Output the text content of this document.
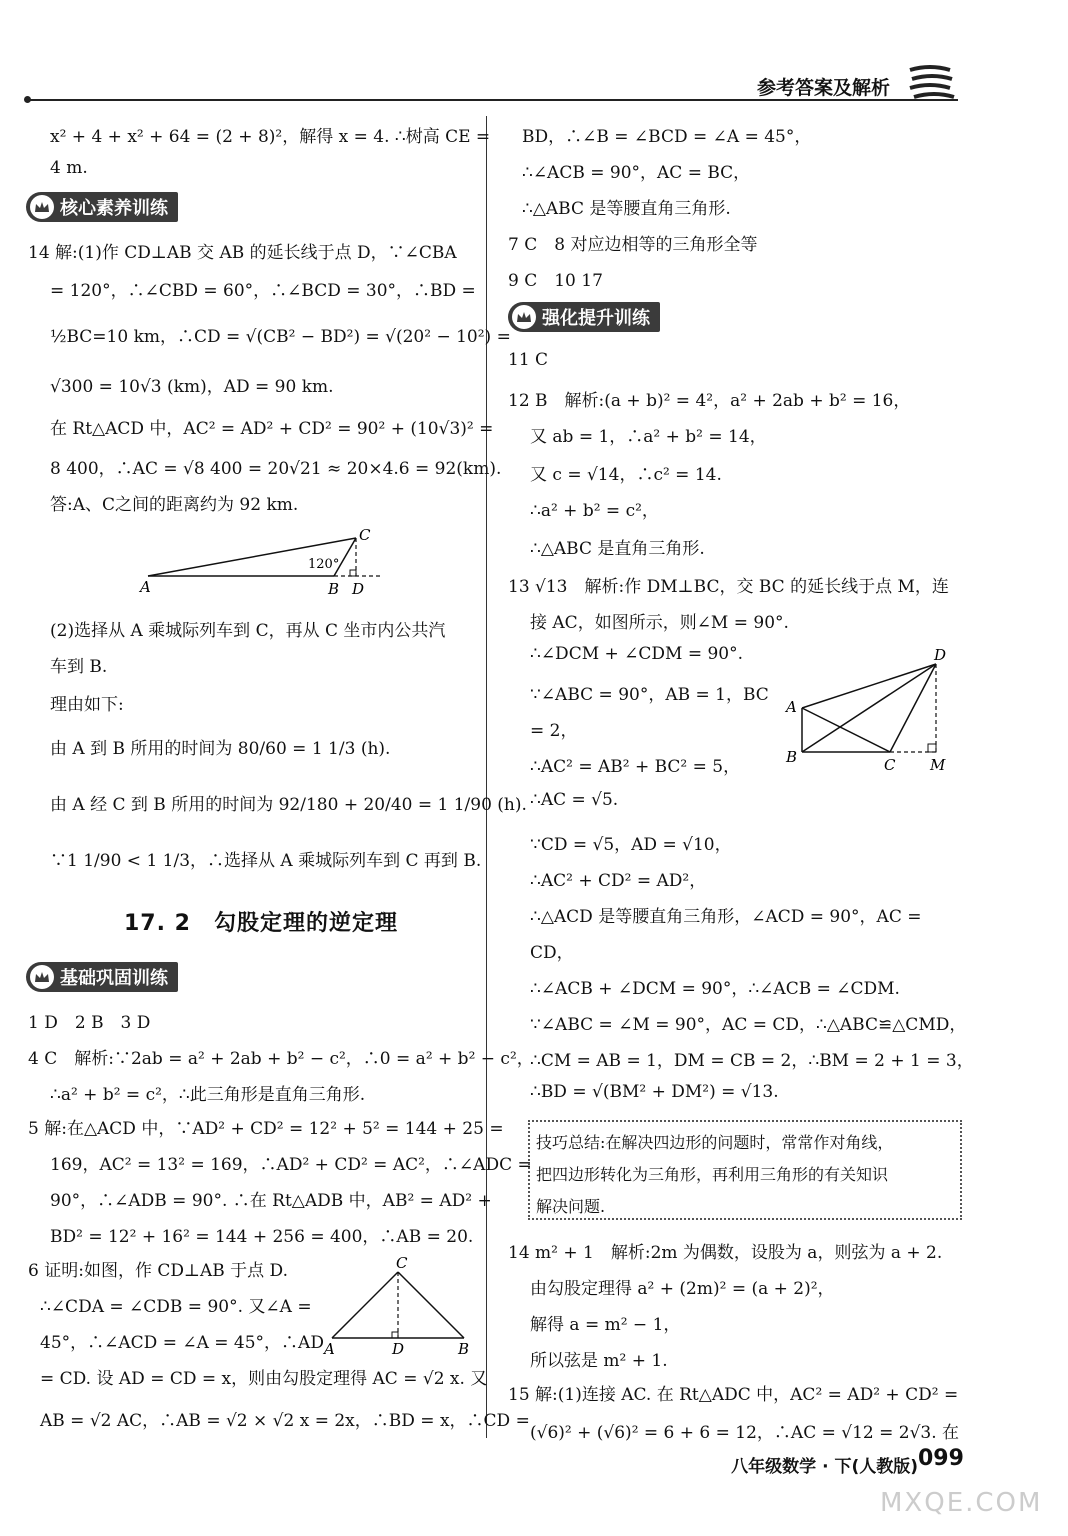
参考答案及解析
x² + 4 + x² + 64 = (2 + 8)²，解得 x = 4. ∴树高 CE =
4 m.
核心素养训练
14 解:(1)作 CD⊥AB 交 AB 的延长线于点 D，∵∠CBA
= 120°，∴∠CBD = 60°，∴∠BCD = 30°，∴BD =
½BC=10 km，∴CD = √(CB² − BD²) = √(20² − 10²) =
√300 = 10√3 (km)，AD = 90 km.
在 Rt△ACD 中，AC² = AD² + CD² = 90² + (10√3)² =
8 400，∴AC = √8 400 = 20√21 ≈ 20×4.6 = 92(km).
答:A、C之间的距离约为 92 km.
A	B
C
D
120°
(2)选择从 A 乘城际列车到 C，再从 C 坐市内公共汽
车到 B.
理由如下:
由 A 到 B 所用的时间为 80/60 = 1 1/3 (h).
由 A 经 C 到 B 所用的时间为 92/180 + 20/40 = 1 1/90 (h).
∵1 1/90 < 1 1/3，∴选择从 A 乘城际列车到 C 再到 B.
17. 2　勾股定理的逆定理
基础巩固训练
1 D　2 B　3 D
4 C　解析:∵2ab = a² + 2ab + b² − c²，∴0 = a² + b² − c²，
∴a² + b² = c²，∴此三角形是直角三角形.
5 解:在△ACD 中，∵AD² + CD² = 12² + 5² = 144 + 25 =
169，AC² = 13² = 169，∴AD² + CD² = AC²，∴∠ADC =
90°，∴∠ADB = 90°. ∴在 Rt△ADB 中，AB² = AD² +
BD² = 12² + 16² = 144 + 256 = 400，∴AB = 20.
6 证明:如图，作 CD⊥AB 于点 D.
∴∠CDA = ∠CDB = 90°. 又∠A =
45°，∴∠ACD = ∠A = 45°，∴AD
C
A	D	B
= CD. 设 AD = CD = x，则由勾股定理得 AC = √2 x. 又
AB = √2 AC，∴AB = √2 × √2 x = 2x，∴BD = x，∴CD =
BD，∴∠B = ∠BCD = ∠A = 45°，
∴∠ACB = 90°，AC = BC，
∴△ABC 是等腰直角三角形.
7 C　8 对应边相等的三角形全等
9 C　10 17
强化提升训练
11 C
12 B　解析:(a + b)² = 4²，a² + 2ab + b² = 16，
又 ab = 1，∴a² + b² = 14，
又 c = √14，∴c² = 14.
∴a² + b² = c²，
∴△ABC 是直角三角形.
13 √13　解析:作 DM⊥BC，交 BC 的延长线于点 M，连
接 AC，如图所示，则∠M = 90°.
∴∠DCM + ∠CDM = 90°.
∵∠ABC = 90°，AB = 1，BC
= 2，
∴AC² = AB² + BC² = 5，
A
B	C
D
M
∴AC = √5.
∵CD = √5，AD = √10，
∴AC² + CD² = AD²，
∴△ACD 是等腰直角三角形，∠ACD = 90°，AC =
CD，
∴∠ACB + ∠DCM = 90°，∴∠ACB = ∠CDM.
∵∠ABC = ∠M = 90°，AC = CD，∴△ABC≌△CMD，
∴CM = AB = 1，DM = CB = 2，∴BM = 2 + 1 = 3，
∴BD = √(BM² + DM²) = √13.
技巧总结:在解决四边形的问题时，常常作对角线，
把四边形转化为三角形，再利用三角形的有关知识
解决问题.
14 m² + 1　解析:2m 为偶数，设股为 a，则弦为 a + 2.
由勾股定理得 a² + (2m)² = (a + 2)²，
解得 a = m² − 1，
所以弦是 m² + 1.
15 解:(1)连接 AC. 在 Rt△ADC 中，AC² = AD² + CD² =
(√6)² + (√6)² = 6 + 6 = 12，∴AC = √12 = 2√3. 在
八年级数学 · 下(人教版) 099
MXQE.COM
